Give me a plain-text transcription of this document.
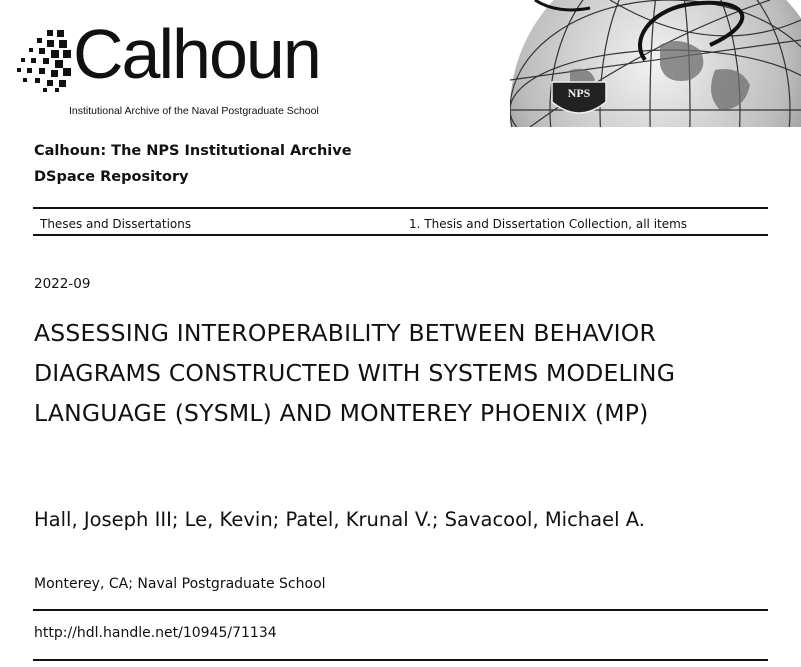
Calhoun
Institutional Archive of the Naval Postgraduate School
NPS
Calhoun: The NPS Institutional Archive
DSpace Repository
Theses and Dissertations	1. Thesis and Dissertation Collection, all items
2022-09
ASSESSING INTEROPERABILITY BETWEEN BEHAVIOR DIAGRAMS CONSTRUCTED WITH SYSTEMS MODELING LANGUAGE (SYSML) AND MONTEREY PHOENIX (MP)
Hall, Joseph III; Le, Kevin; Patel, Krunal V.; Savacool, Michael A.
Monterey, CA; Naval Postgraduate School
http://hdl.handle.net/10945/71134
